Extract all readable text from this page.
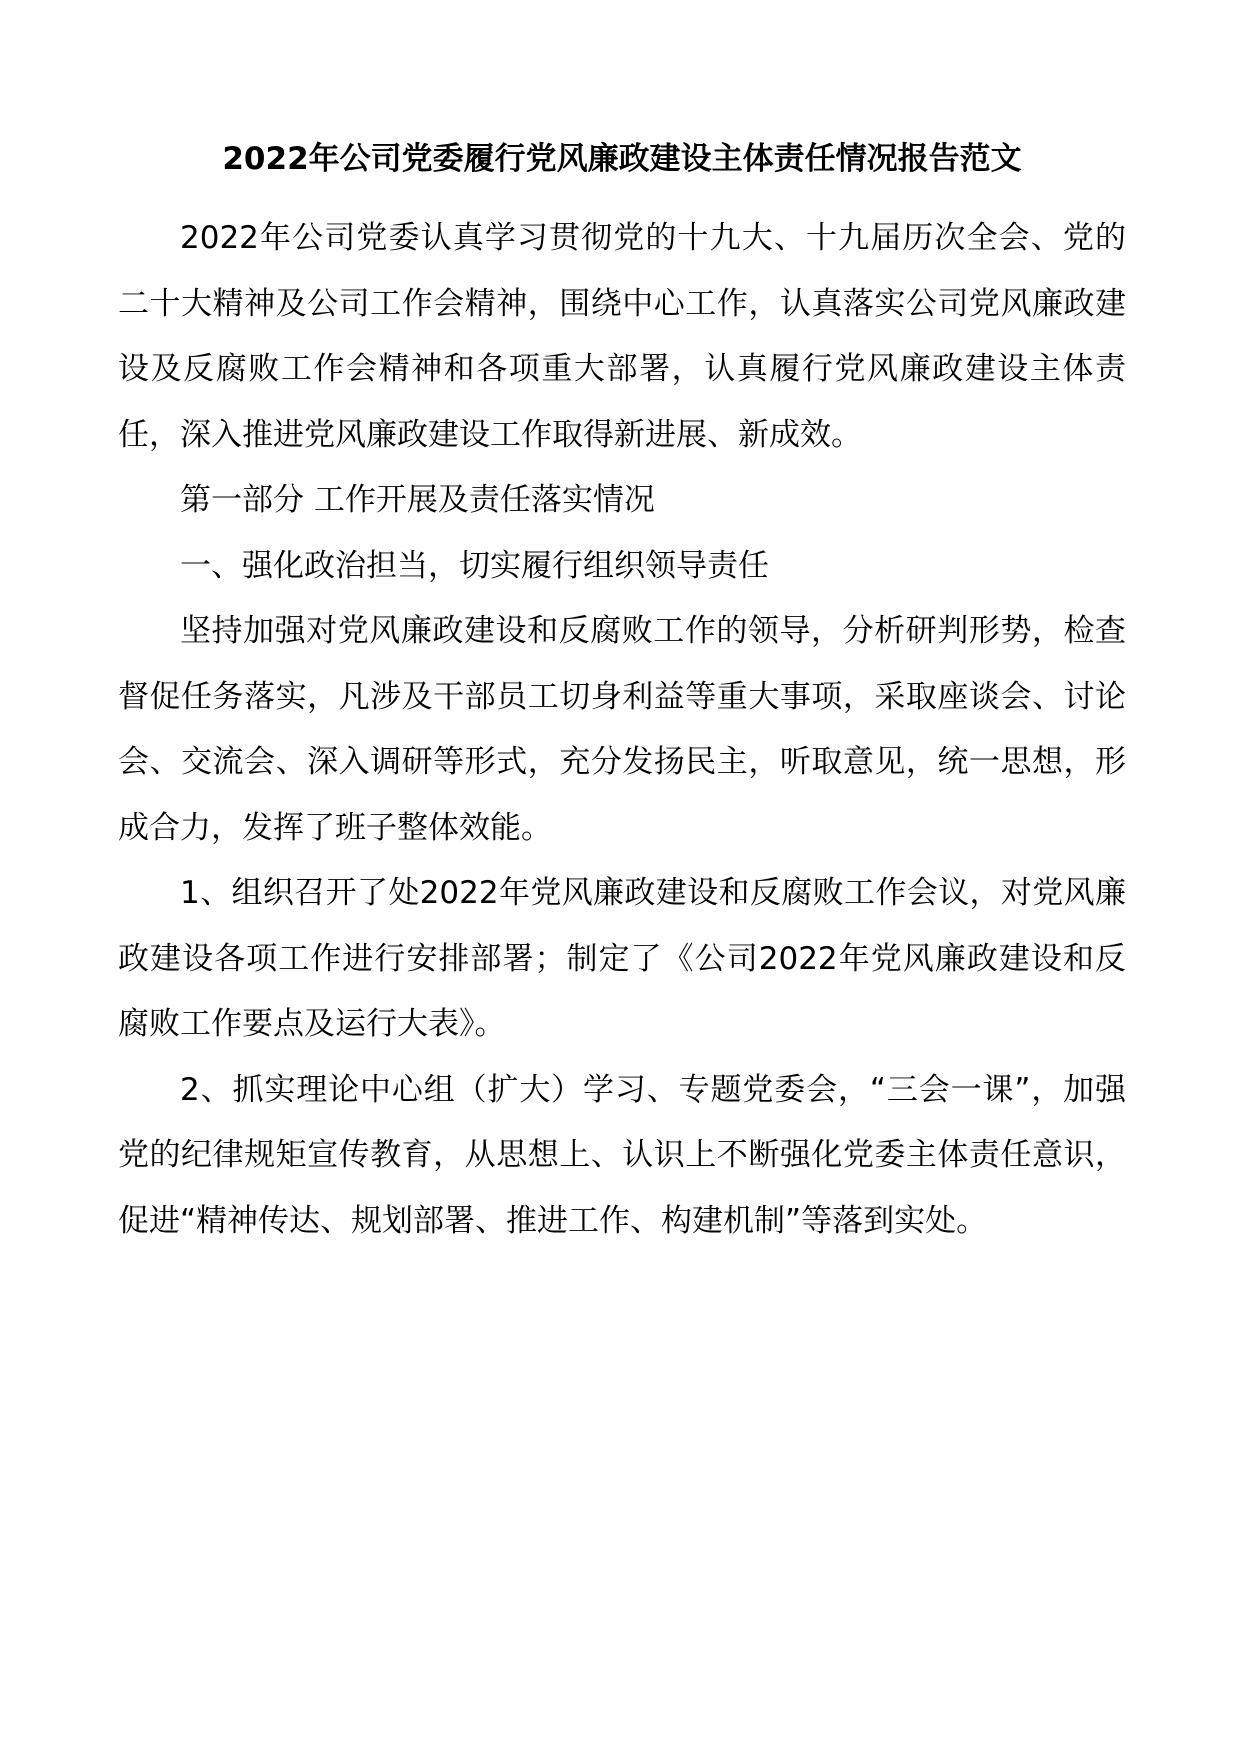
2022年公司党委履行党风廉政建设主体责任情况报告范文

2022年公司党委认真学习贯彻党的十九大、十九届历次全会、党的二十大精神及公司工作会精神，围绕中心工作，认真落实公司党风廉政建设及反腐败工作会精神和各项重大部署，认真履行党风廉政建设主体责任，深入推进党风廉政建设工作取得新进展、新成效。

第一部分 工作开展及责任落实情况

一、强化政治担当，切实履行组织领导责任

坚持加强对党风廉政建设和反腐败工作的领导，分析研判形势，检查督促任务落实，凡涉及干部员工切身利益等重大事项，采取座谈会、讨论会、交流会、深入调研等形式，充分发扬民主，听取意见，统一思想，形成合力，发挥了班子整体效能。

1、组织召开了处2022年党风廉政建设和反腐败工作会议，对党风廉政建设各项工作进行安排部署；制定了《公司2022年党风廉政建设和反腐败工作要点及运行大表》。

2、抓实理论中心组（扩大）学习、专题党委会，“三会一课”，加强党的纪律规矩宣传教育，从思想上、认识上不断强化党委主体责任意识，促进“精神传达、规划部署、推进工作、构建机制”等落到实处。
